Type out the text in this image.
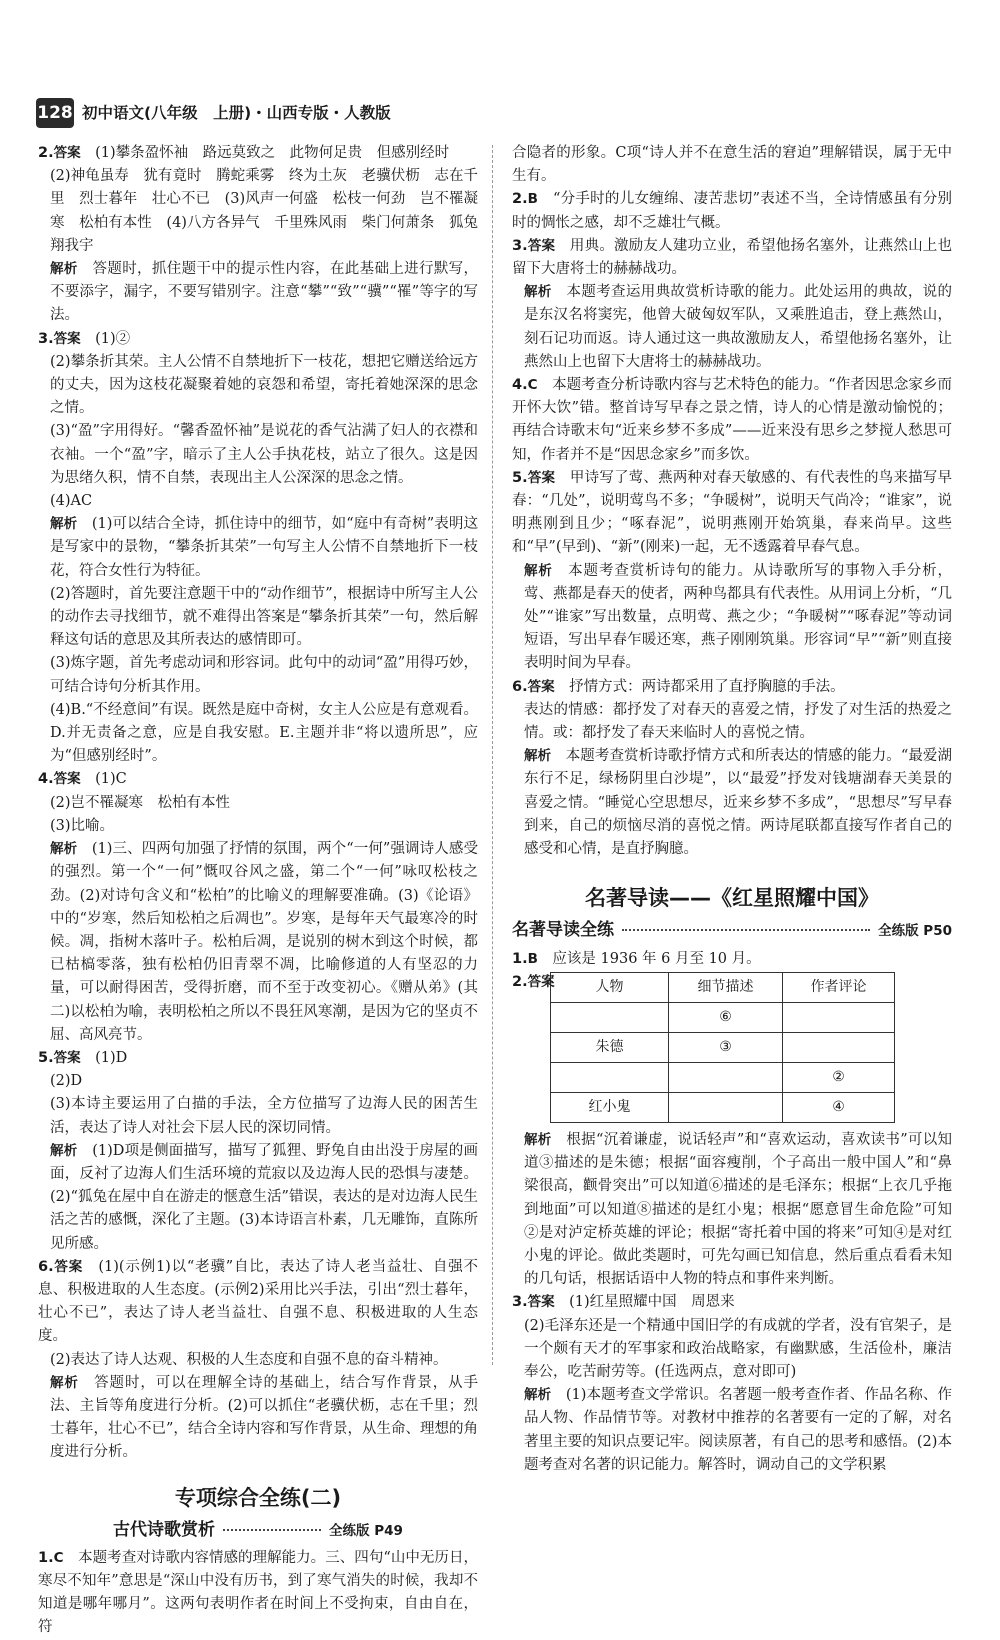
128 初中语文(八年级　上册)・山西专版・人教版
2.答案　 (1)攀条盈怀袖　路远莫致之　此物何足贵　但感别经时
(2)神龟虽寿　犹有竟时　腾蛇乘雾　终为土灰　老骥伏枥　志在千里　烈士暮年　壮心不已　(3)风声一何盛　松枝一何劲　岂不罹凝寒　松柏有本性　(4)八方各异气　千里殊风雨　柴门何萧条　狐兔翔我宇
解析　 答题时，抓住题干中的提示性内容，在此基础上进行默写，不要添字，漏字，不要写错别字。注意“攀”“致”“骥”“罹”等字的写法。
3.答案　 (1)②
(2)攀条折其荣。主人公情不自禁地折下一枝花，想把它赠送给远方的丈夫，因为这枝花凝聚着她的哀怨和希望，寄托着她深深的思念之情。
(3)“盈”字用得好。“馨香盈怀袖”是说花的香气沾满了妇人的衣襟和衣袖。一个“盈”字，暗示了主人公手执花枝，站立了很久。这是因为思绪久积，情不自禁，表现出主人公深深的思念之情。
(4)AC
解析　 (1)可以结合全诗，抓住诗中的细节，如“庭中有奇树”表明这是写家中的景物，“攀条折其荣”一句写主人公情不自禁地折下一枝花，符合女性行为特征。
(2)答题时，首先要注意题干中的“动作细节”，根据诗中所写主人公的动作去寻找细节，就不难得出答案是“攀条折其荣”一句，然后解释这句话的意思及其所表达的感情即可。
(3)炼字题，首先考虑动词和形容词。此句中的动词“盈”用得巧妙，可结合诗句分析其作用。
(4)B.“不经意间”有误。既然是庭中奇树，女主人公应是有意观看。D.并无责备之意，应是自我安慰。E.主题并非“将以遗所思”，应为“但感别经时”。
4.答案　 (1)C
(2)岂不罹凝寒　松柏有本性
(3)比喻。
解析　 (1)三、四两句加强了抒情的氛围，两个“一何”强调诗人感受的强烈。第一个“一何”慨叹谷风之盛，第二个“一何”咏叹松枝之劲。(2)对诗句含义和“松柏”的比喻义的理解要准确。(3)《论语》中的“岁寒，然后知松柏之后凋也”。岁寒，是每年天气最寒冷的时候。凋，指树木落叶子。松柏后凋，是说别的树木到这个时候，都已枯槁零落，独有松柏仍旧青翠不凋，比喻修道的人有坚忍的力量，可以耐得困苦，受得折磨，而不至于改变初心。《赠从弟》(其二)以松柏为喻，表明松柏之所以不畏狂风寒潮，是因为它的坚贞不屈、高风亮节。
5.答案　 (1)D
(2)D
(3)本诗主要运用了白描的手法，全方位描写了边海人民的困苦生活，表达了诗人对社会下层人民的深切同情。
解析　 (1)D项是侧面描写，描写了狐狸、野兔自由出没于房屋的画面，反衬了边海人们生活环境的荒寂以及边海人民的恐惧与凄楚。(2)“狐兔在屋中自在游走的惬意生活”错误，表达的是对边海人民生活之苦的感慨，深化了主题。(3)本诗语言朴素，几无雕饰，直陈所见所感。
6.答案　 (1)(示例1)以“老骥”自比，表达了诗人老当益壮、自强不息、积极进取的人生态度。(示例2)采用比兴手法，引出“烈士暮年，壮心不已”，表达了诗人老当益壮、自强不息、积极进取的人生态度。
(2)表达了诗人达观、积极的人生态度和自强不息的奋斗精神。
解析　 答题时，可以在理解全诗的基础上，结合写作背景，从手法、主旨等角度进行分析。(2)可以抓住“老骥伏枥，志在千里；烈士暮年，壮心不已”，结合全诗内容和写作背景，从生命、理想的角度进行分析。
专项综合全练(二)
古代诗歌赏析	全练版 P49
1.C　 本题考查对诗歌内容情感的理解能力。三、四句“山中无历日，寒尽不知年”意思是“深山中没有历书，到了寒气消失的时候，我却不知道是哪年哪月”。这两句表明作者在时间上不受拘束，自由自在，符
合隐者的形象。C项“诗人并不在意生活的窘迫”理解错误，属于无中生有。
2.B　 “分手时的儿女缠绵、凄苦悲切”表述不当，全诗情感虽有分别时的惆怅之感，却不乏雄壮气概。
3.答案　 用典。激励友人建功立业，希望他扬名塞外，让燕然山上也留下大唐将士的赫赫战功。
解析　 本题考查运用典故赏析诗歌的能力。此处运用的典故，说的是东汉名将窦宪，他曾大破匈奴军队，又乘胜追击，登上燕然山，刻石记功而返。诗人通过这一典故激励友人，希望他扬名塞外，让燕然山上也留下大唐将士的赫赫战功。
4.C　 本题考查分析诗歌内容与艺术特色的能力。“作者因思念家乡而开怀大饮”错。整首诗写早春之景之情，诗人的心情是激动愉悦的；再结合诗歌末句“近来乡梦不多成”——近来没有思乡之梦搅人愁思可知，作者并不是“因思念家乡”而多饮。
5.答案　 甲诗写了莺、燕两种对春天敏感的、有代表性的鸟来描写早春：“几处”，说明莺鸟不多；“争暖树”，说明天气尚冷；“谁家”，说明燕刚到且少；“啄春泥”，说明燕刚开始筑巢，春来尚早。这些和“早”(早到)、“新”(刚来)一起，无不透露着早春气息。
解析　 本题考查赏析诗句的能力。从诗歌所写的事物入手分析，莺、燕都是春天的使者，两种鸟都具有代表性。从用词上分析，“几处”“谁家”写出数量，点明莺、燕之少；“争暖树”“啄春泥”等动词短语，写出早春乍暖还寒，燕子刚刚筑巢。形容词“早”“新”则直接表明时间为早春。
6.答案　 抒情方式：两诗都采用了直抒胸臆的手法。
表达的情感：都抒发了对春天的喜爱之情，抒发了对生活的热爱之情。或：都抒发了春天来临时人的喜悦之情。
解析　 本题考查赏析诗歌抒情方式和所表达的情感的能力。“最爱湖东行不足，绿杨阴里白沙堤”，以“最爱”抒发对钱塘湖春天美景的喜爱之情。“睡觉心空思想尽，近来乡梦不多成”，“思想尽”写早春到来，自己的烦恼尽消的喜悦之情。两诗尾联都直接写作者自己的感受和心情，是直抒胸臆。
名著导读——《红星照耀中国》
名著导读全练	全练版 P50
1.B　 应该是 1936 年 6 月至 10 月。
2.答案	人物	细节描述	作者评论
	⑥	
朱德	③	
		②
红小鬼		④
解析　 根据“沉着谦虚，说话轻声”和“喜欢运动，喜欢读书”可以知道③描述的是朱德；根据“面容瘦削，个子高出一般中国人”和“鼻梁很高，颧骨突出”可以知道⑥描述的是毛泽东；根据“上衣几乎拖到地面”可以知道⑧描述的是红小鬼；根据“愿意冒生命危险”可知②是对泸定桥英雄的评论；根据“寄托着中国的将来”可知④是对红小鬼的评论。做此类题时，可先勾画已知信息，然后重点看看未知的几句话，根据话语中人物的特点和事件来判断。
3.答案　 (1)红星照耀中国　周恩来
(2)毛泽东还是一个精通中国旧学的有成就的学者，没有官架子，是一个颇有天才的军事家和政治战略家，有幽默感，生活俭朴，廉洁奉公，吃苦耐劳等。(任选两点，意对即可)
解析　 (1)本题考查文学常识。名著题一般考查作者、作品名称、作品人物、作品情节等。对教材中推荐的名著要有一定的了解，对名著里主要的知识点要记牢。阅读原著，有自己的思考和感悟。(2)本题考查对名著的识记能力。解答时，调动自己的文学积累
